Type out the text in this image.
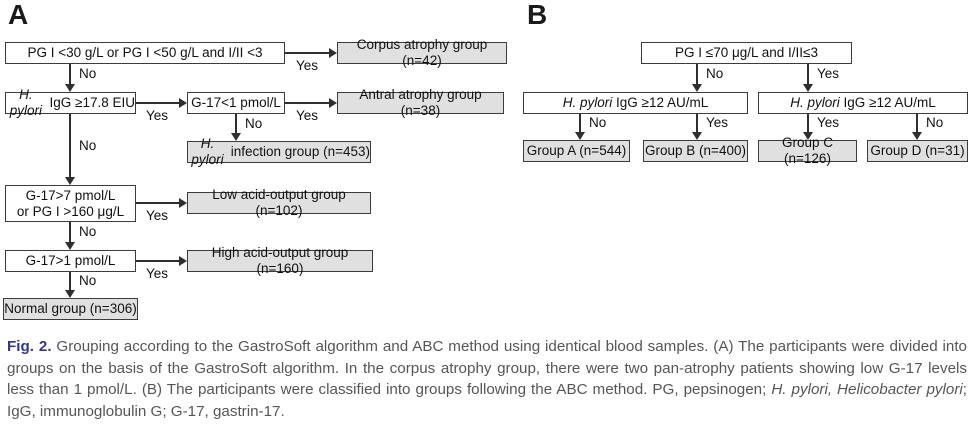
A
PG I <30 g/L or PG I <50 g/L and I/II <3
Corpus atrophy group (n=42)
H. pylori
IgG ≥17.8 EIU	G-17<1 pmol/L
Antral atrophy group (n=38)
H. pylori
infection group (n=453)
G-17>7 pmol/L
or PG I >160 μg/L
Low acid-output group (n=102)
G-17>1 pmol/L
High acid-output group (n=160)
Normal group (n=306)
Yes
No
Yes	Yes
No
No
Yes
No
Yes
No
B
PG I ≤70 μg/L and I/II≤3
H. pylori IgG ≥12 AU/mL	H. pylori IgG ≥12 AU/mL
Group A (n=544) Group B (n=400)
Group C (n=126)
Group D (n=31)
No	Yes
No	Yes	Yes	No

Fig. 2. Grouping according to the GastroSoft algorithm and ABC method using identical blood samples. (A) The participants were divided into groups on the basis of the GastroSoft algorithm. In the corpus atrophy group, there were two pan-atrophy patients showing low G-17 levels less than 1 pmol/L. (B) The participants were classified into groups following the ABC method. PG, pepsinogen; H. pylori, Helicobacter pylori; IgG, immunoglobulin G; G-17, gastrin-17.
